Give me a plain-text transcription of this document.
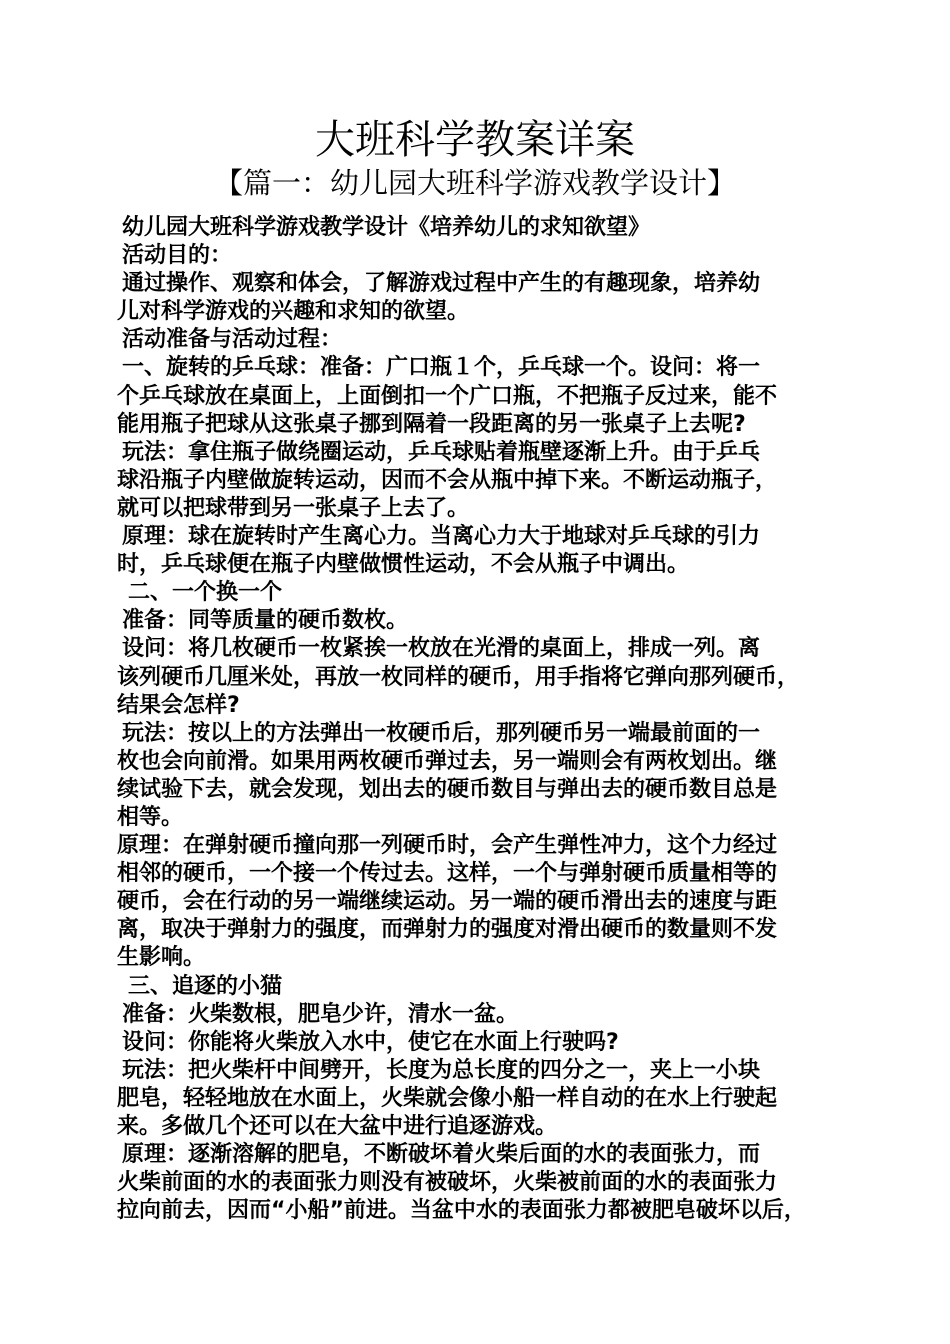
大班科学教案详案
【篇一：幼儿园大班科学游戏教学设计】
幼儿园大班科学游戏教学设计《培养幼儿的求知欲望》
活动目的：
通过操作、观察和体会，了解游戏过程中产生的有趣现象，培养幼
儿对科学游戏的兴趣和求知的欲望。
活动准备与活动过程：
一、旋转的乒乓球：准备：广口瓶１个，乒乓球一个。设问：将一
个乒乓球放在桌面上，上面倒扣一个广口瓶，不把瓶子反过来，能不
能用瓶子把球从这张桌子挪到隔着一段距离的另一张桌子上去呢?
玩法：拿住瓶子做绕圈运动，乒乓球贴着瓶壁逐渐上升。由于乒乓
球沿瓶子内壁做旋转运动，因而不会从瓶中掉下来。不断运动瓶子，
就可以把球带到另一张桌子上去了。
原理：球在旋转时产生离心力。当离心力大于地球对乒乓球的引力
时，乒乓球便在瓶子内壁做惯性运动，不会从瓶子中调出。
二、一个换一个
准备：同等质量的硬币数枚。
设问：将几枚硬币一枚紧挨一枚放在光滑的桌面上，排成一列。离
该列硬币几厘米处，再放一枚同样的硬币，用手指将它弹向那列硬币，
结果会怎样?
玩法：按以上的方法弹出一枚硬币后，那列硬币另一端最前面的一
枚也会向前滑。如果用两枚硬币弹过去，另一端则会有两枚划出。继
续试验下去，就会发现，划出去的硬币数目与弹出去的硬币数目总是
相等。
原理：在弹射硬币撞向那一列硬币时，会产生弹性冲力，这个力经过
相邻的硬币，一个接一个传过去。这样，一个与弹射硬币质量相等的
硬币，会在行动的另一端继续运动。另一端的硬币滑出去的速度与距
离，取决于弹射力的强度，而弹射力的强度对滑出硬币的数量则不发
生影响。
三、追逐的小猫
准备：火柴数根，肥皂少许，清水一盆。
设问：你能将火柴放入水中，使它在水面上行驶吗?
玩法：把火柴杆中间劈开，长度为总长度的四分之一，夹上一小块
肥皂，轻轻地放在水面上，火柴就会像小船一样自动的在水上行驶起
来。多做几个还可以在大盆中进行追逐游戏。
原理：逐渐溶解的肥皂，不断破坏着火柴后面的水的表面张力，而
火柴前面的水的表面张力则没有被破坏，火柴被前面的水的表面张力
拉向前去，因而“小船”前进。当盆中水的表面张力都被肥皂破坏以后，
